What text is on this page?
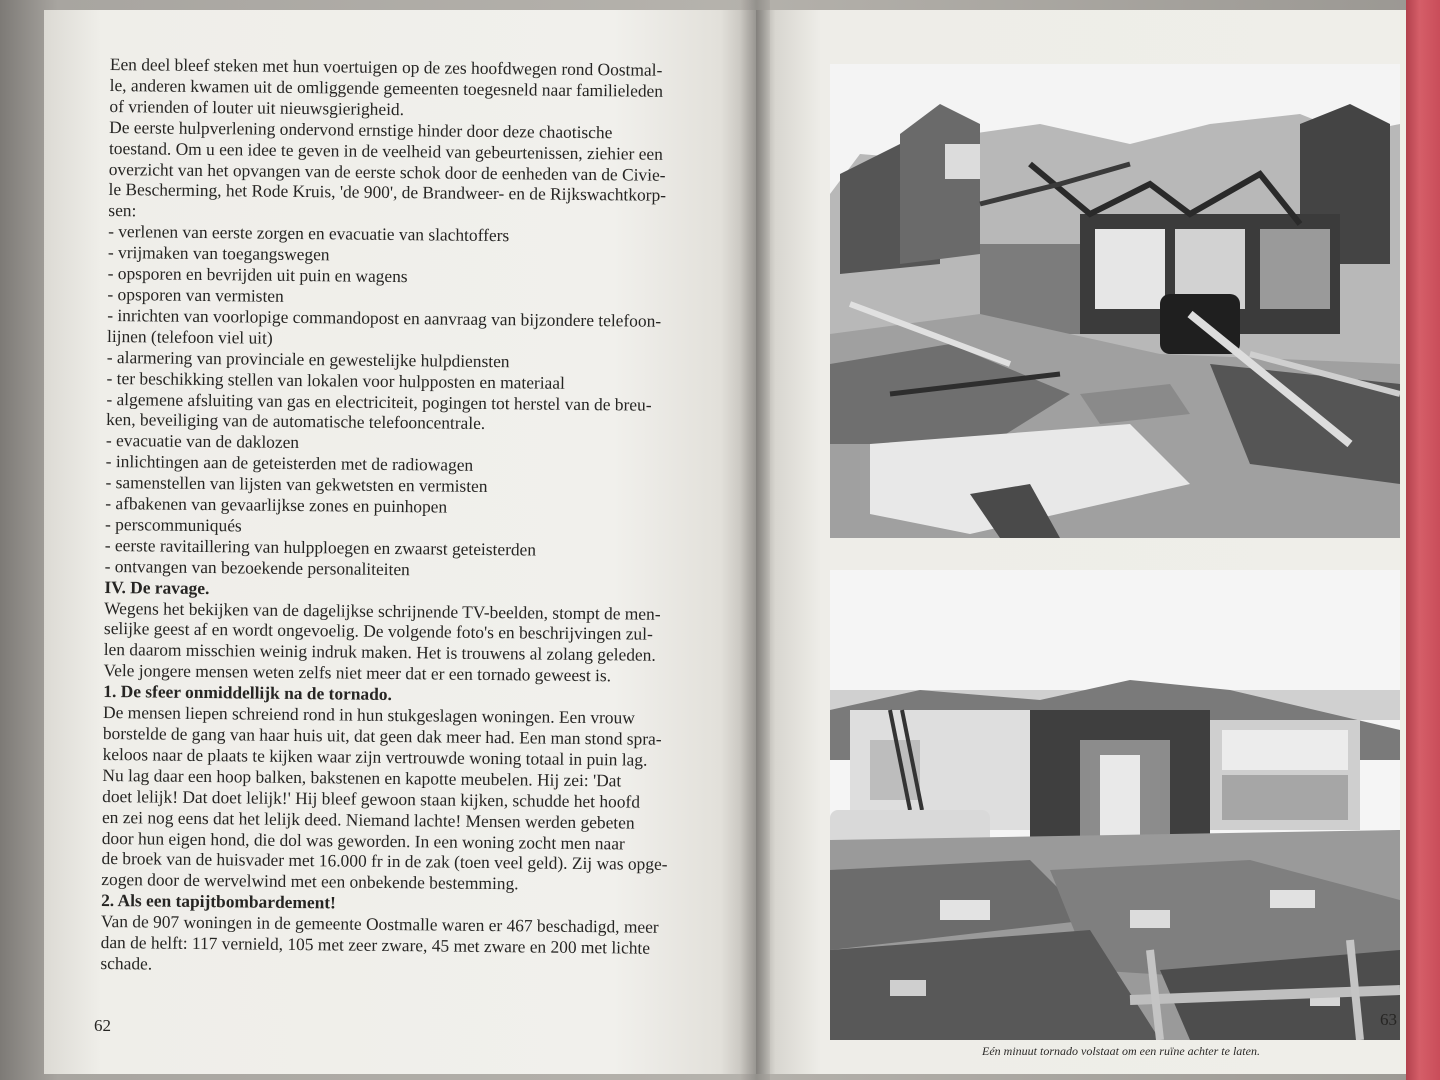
Een deel bleef steken met hun voertuigen op de zes hoofdwegen rond Oostmal-

le, anderen kwamen uit de omliggende gemeenten toegesneld naar familieleden

of vrienden of louter uit nieuwsgierigheid.

De eerste hulpverlening ondervond ernstige hinder door deze chaotische

toestand. Om u een idee te geven in de veelheid van gebeurtenissen, ziehier een

overzicht van het opvangen van de eerste schok door de eenheden van de Civie-

le Bescherming, het Rode Kruis, 'de 900', de Brandweer- en de Rijkswachtkorp-

sen:

- verlenen van eerste zorgen en evacuatie van slachtoffers

- vrijmaken van toegangswegen

- opsporen en bevrijden uit puin en wagens

- opsporen van vermisten

- inrichten van voorlopige commandopost en aanvraag van bijzondere telefoon-

lijnen (telefoon viel uit)

- alarmering van provinciale en gewestelijke hulpdiensten

- ter beschikking stellen van lokalen voor hulpposten en materiaal

- algemene afsluiting van gas en electriciteit, pogingen tot herstel van de breu-

ken, beveiliging van de automatische telefooncentrale.

- evacuatie van de daklozen

- inlichtingen aan de geteisterden met de radiowagen

- samenstellen van lijsten van gekwetsten en vermisten

- afbakenen van gevaarlijkse zones en puinhopen

- perscommuniqués

- eerste ravitaillering van hulpploegen en zwaarst geteisterden

- ontvangen van bezoekende personaliteiten

IV. De ravage.

Wegens het bekijken van de dagelijkse schrijnende TV-beelden, stompt de men-

selijke geest af en wordt ongevoelig. De volgende foto's en beschrijvingen zul-

len daarom misschien weinig indruk maken. Het is trouwens al zolang geleden.

Vele jongere mensen weten zelfs niet meer dat er een tornado geweest is.

1. De sfeer onmiddellijk na de tornado.

De mensen liepen schreiend rond in hun stukgeslagen woningen. Een vrouw

borstelde de gang van haar huis uit, dat geen dak meer had. Een man stond spra-

keloos naar de plaats te kijken waar zijn vertrouwde woning totaal in puin lag.

Nu lag daar een hoop balken, bakstenen en kapotte meubelen. Hij zei: 'Dat

doet lelijk! Dat doet lelijk!' Hij bleef gewoon staan kijken, schudde het hoofd

en zei nog eens dat het lelijk deed. Niemand lachte! Mensen werden gebeten

door hun eigen hond, die dol was geworden. In een woning zocht men naar

de broek van de huisvader met 16.000 fr in de zak (toen veel geld). Zij was opge-

zogen door de wervelwind met een onbekende bestemming.

2. Als een tapijtbombardement!

Van de 907 woningen in de gemeente Oostmalle waren er 467 beschadigd, meer

dan de helft: 117 vernield, 105 met zeer zware, 45 met zware en 200 met lichte

schade.

62
Eén minuut tornado volstaat om een ruïne achter te laten.
63
